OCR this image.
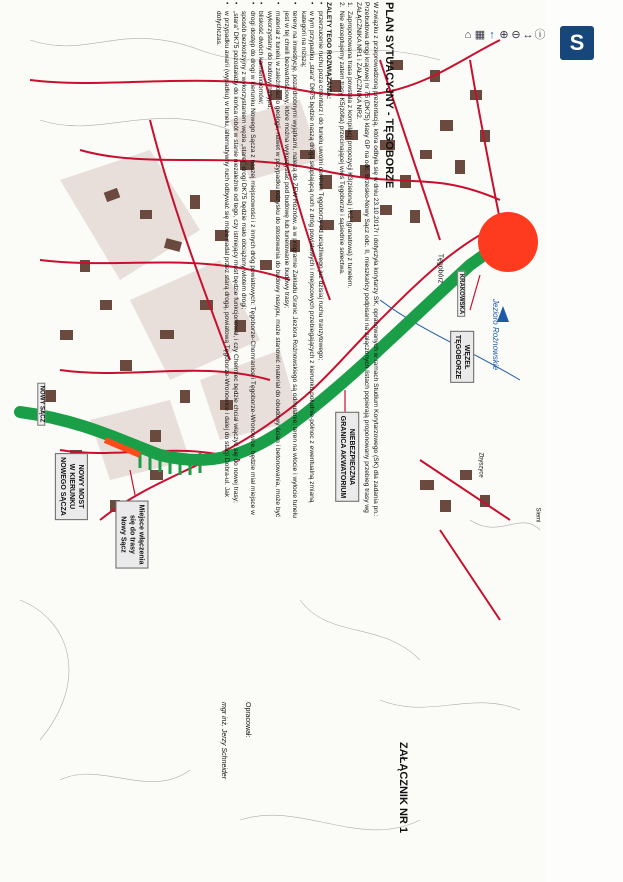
Jezioro Rożnowskie
KRAKOWSKA
Tęgobórz
Zbyszyce
Siemi
NOWY SĄCZ
WĘZEŁ
TĘGOBORZE
NIEBEZPIECZNA
GRANICA AKWATORIUM
Miejsce włączenia
się do trasy
Nowy Sącz
NOWY MOST
W KIERUNKU
NOWEGO SĄCZA
⌂ ▦ ↑ ⊕ ⊖ ↔ ⓘ	S
ZAŁĄCZNIK NR 1
PLAN SYTUACYJNY - TĘGOBORZE

W związku z przeprowadzoną prezentacją, która odbyła się w dniu 23.10.2017r i dotyczyła korytarzy SK, opracowanych w ramach Studium Korytarzowego (SK) dla zadania pn.: Przebudowa drogi krajowej nr 75 (DK75) klasy GP na odc. Brzesko-Nowy Sącz odc. II, mieszkańcy podpisani na załączonych listach popierają proponowany przebieg trasy wg ZAŁĄCZNIKA NR1 i ZAŁĄCZNIKA NR2.

1.
Zaproponowana trasa powstała z kompilacji propozycji K3(zielona) i K2 (granatowa) z tunelem.

2.
Nie akceptujemy zatem trasy K5(żółta) przecinającej wieś Tęgoborze i sąsiednie sołectwa.

ZALETY TEGO ROZWIĄZANIA:

•
przerzucenie ruchu poza cmentarz i do tunelu uwolni centrum Tęgoborzy od uciążliwego już dzisiaj ruchu tranzytowego;

•
w tym przypadku „stara” DK75 będzie naszą drogą skupiającą ruch z dróg powiatowych i miejscowych przebiegających z kierunku południe-północ z ewentualną zmianą kategorii na niższą;

•
tereny na inwestycję, poza drobnymi wyjątkami, należą do ZEW Rożnów, a w programie Zakładu Granic Jeziora Rożnowskiego są odmulanie; teren na wlocie i wylocie tunelu jest w tej chwili bezwartościowy, które można wykorzystać pod budowę lub tunelowanie budowy trasy;

•
materiał z tunelu w zależności o geologii, nawet w przypadku odzysku do stosowania do budowy nasypu, może stanowić materiał do obudowy ścian i betonowania, może być wykorzystany do budowy nasypu;

•
bliskość dwóch kamieniołomów;

•
drogi dostęp do drogi w kierunku Nowego Sącza z naszej miejscowości i z innych dróg powiatowych: Tęgoborze-Chomranice i Tęgoborze-Wronowice, będzie miał miejsce w sposób bezkolizyjny z wykorzystaniem węzła „starej” drogi DK75 będzie mało obciążony wlotem drogi;

•
„stara” DK75 pozostałaby do końca robót w stanie niezależnie od tego, czy istniejący most będzie funkcjonował, i czy Chełmiec będzie chciał włączyć się do nowej trasy;

•
w przypadku awarii (wypadku) w tunelu, alternatywny ruch odbywać się może nadal przez starą drogą, powiatową Tęgoborze-Wronowice i dalej do stacji Dobra-ul. Jak dotychczas.

Opracował:
mgr inż. Jerzy Schneider
